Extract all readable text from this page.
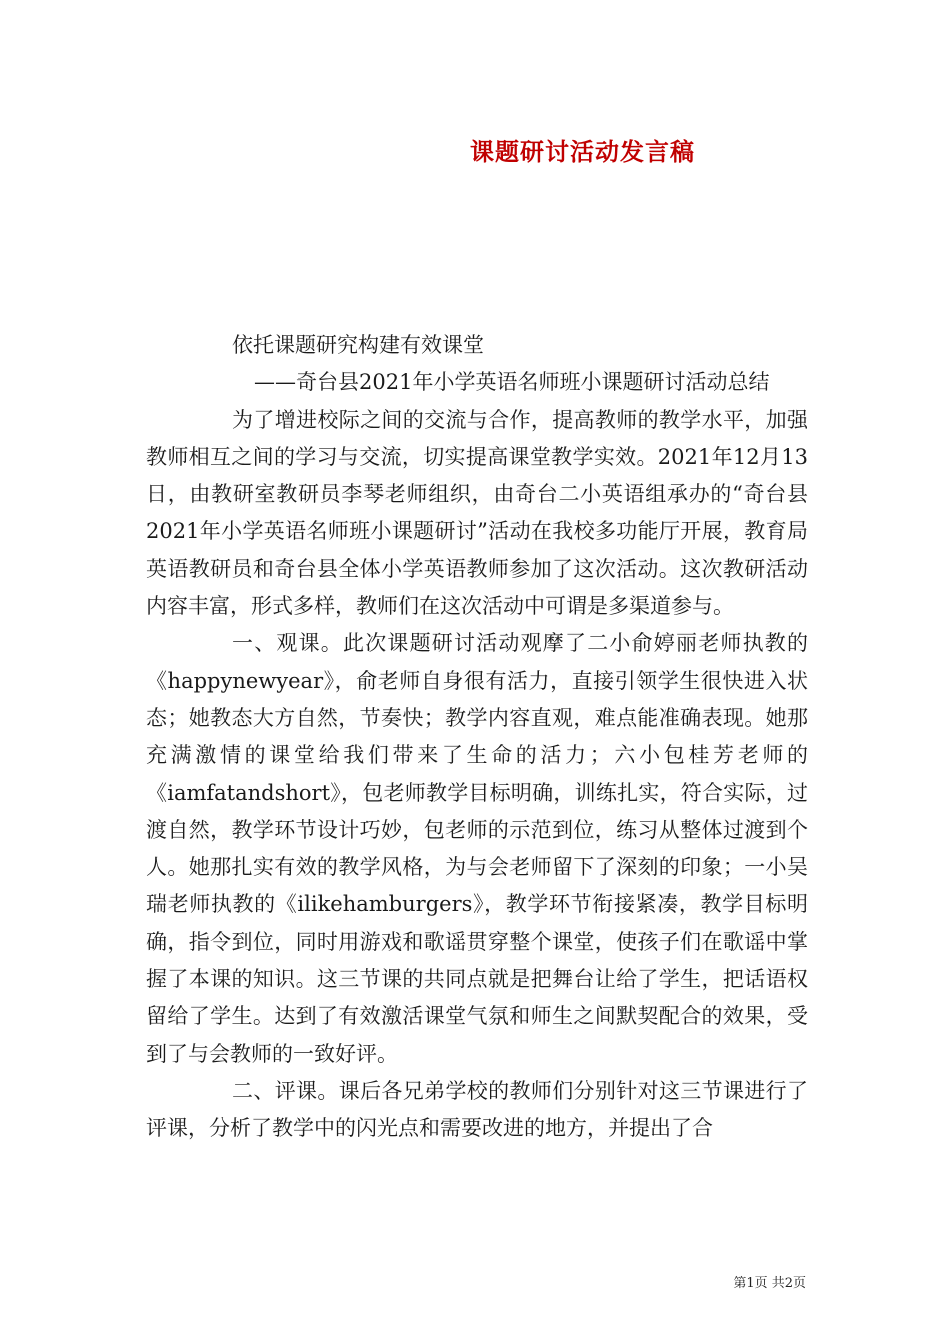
课题研讨活动发言稿
依托课题研究构建有效课堂
——奇台县2021年小学英语名师班小课题研讨活动总结

为了增进校际之间的交流与合作，提高教师的教学水平，加强教师相互之间的学习与交流，切实提高课堂教学实效。2021年12月13日，由教研室教研员李琴老师组织，由奇台二小英语组承办的“奇台县2021年小学英语名师班小课题研讨”活动在我校多功能厅开展，教育局英语教研员和奇台县全体小学英语教师参加了这次活动。这次教研活动内容丰富，形式多样，教师们在这次活动中可谓是多渠道参与。

一、观课。此次课题研讨活动观摩了二小俞婷丽老师执教的《happynewyear》，俞老师自身很有活力，直接引领学生很快进入状态；她教态大方自然，节奏快；教学内容直观，难点能准确表现。她那充满激情的课堂给我们带来了生命的活力；六小包桂芳老师的《iamfatandshort》，包老师教学目标明确，训练扎实，符合实际，过渡自然，教学环节设计巧妙，包老师的示范到位，练习从整体过渡到个人。她那扎实有效的教学风格，为与会老师留下了深刻的印象；一小吴瑞老师执教的《ilikehamburgers》，教学环节衔接紧凑，教学目标明确，指令到位，同时用游戏和歌谣贯穿整个课堂，使孩子们在歌谣中掌握了本课的知识。这三节课的共同点就是把舞台让给了学生，把话语权留给了学生。达到了有效激活课堂气氛和师生之间默契配合的效果，受到了与会教师的一致好评。

二、评课。课后各兄弟学校的教师们分别针对这三节课进行了评课，分析了教学中的闪光点和需要改进的地方，并提出了合

第1页 共2页
